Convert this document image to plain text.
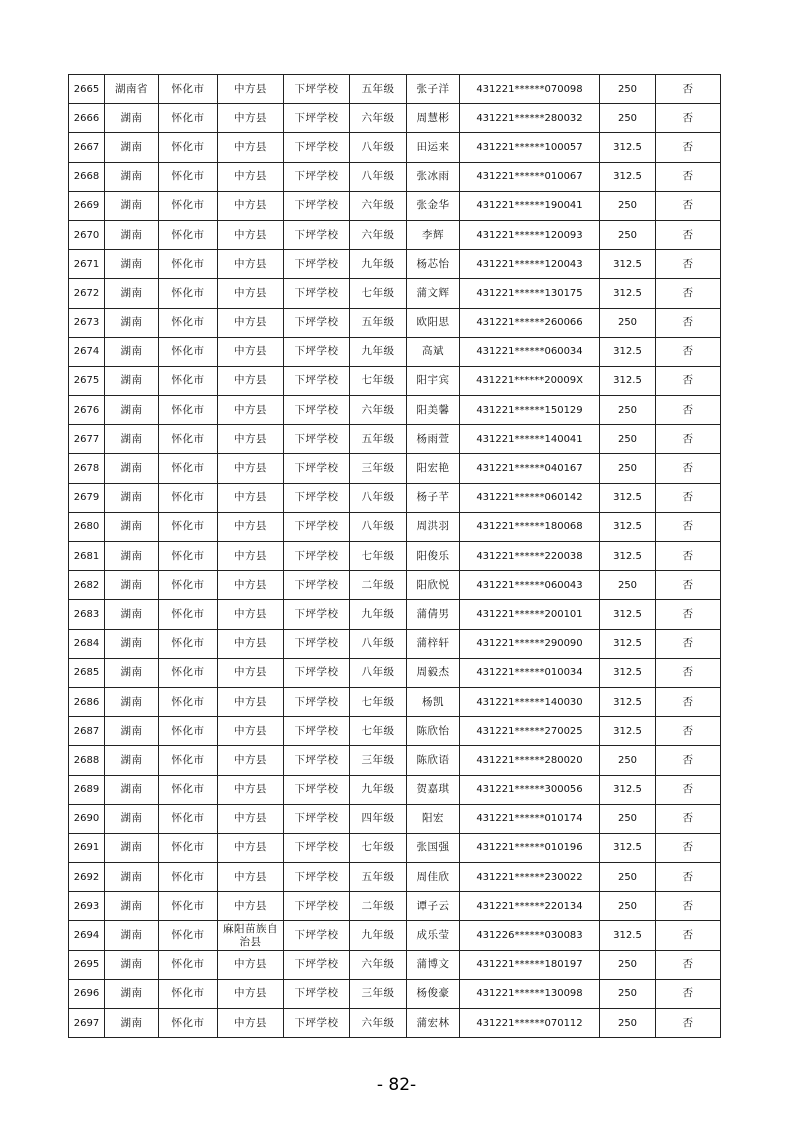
2665	湖南省	怀化市	中方县	下坪学校	五年级	张子洋	431221******070098	250	否
2666	湖南	怀化市	中方县	下坪学校	六年级	周慧彬	431221******280032	250	否
2667	湖南	怀化市	中方县	下坪学校	八年级	田运来	431221******100057	312.5	否
2668	湖南	怀化市	中方县	下坪学校	八年级	张冰雨	431221******010067	312.5	否
2669	湖南	怀化市	中方县	下坪学校	六年级	张金华	431221******190041	250	否
2670	湖南	怀化市	中方县	下坪学校	六年级	李辉	431221******120093	250	否
2671	湖南	怀化市	中方县	下坪学校	九年级	杨芯怡	431221******120043	312.5	否
2672	湖南	怀化市	中方县	下坪学校	七年级	蒲文辉	431221******130175	312.5	否
2673	湖南	怀化市	中方县	下坪学校	五年级	欧阳思	431221******260066	250	否
2674	湖南	怀化市	中方县	下坪学校	九年级	高斌	431221******060034	312.5	否
2675	湖南	怀化市	中方县	下坪学校	七年级	阳宇宾	431221******20009X	312.5	否
2676	湖南	怀化市	中方县	下坪学校	六年级	阳美馨	431221******150129	250	否
2677	湖南	怀化市	中方县	下坪学校	五年级	杨雨萱	431221******140041	250	否
2678	湖南	怀化市	中方县	下坪学校	三年级	阳宏艳	431221******040167	250	否
2679	湖南	怀化市	中方县	下坪学校	八年级	杨子芊	431221******060142	312.5	否
2680	湖南	怀化市	中方县	下坪学校	八年级	周洪羽	431221******180068	312.5	否
2681	湖南	怀化市	中方县	下坪学校	七年级	阳俊乐	431221******220038	312.5	否
2682	湖南	怀化市	中方县	下坪学校	二年级	阳欣悦	431221******060043	250	否
2683	湖南	怀化市	中方县	下坪学校	九年级	蒲倩男	431221******200101	312.5	否
2684	湖南	怀化市	中方县	下坪学校	八年级	蒲梓轩	431221******290090	312.5	否
2685	湖南	怀化市	中方县	下坪学校	八年级	周毅杰	431221******010034	312.5	否
2686	湖南	怀化市	中方县	下坪学校	七年级	杨凯	431221******140030	312.5	否
2687	湖南	怀化市	中方县	下坪学校	七年级	陈欣怡	431221******270025	312.5	否
2688	湖南	怀化市	中方县	下坪学校	三年级	陈欣语	431221******280020	250	否
2689	湖南	怀化市	中方县	下坪学校	九年级	贺嘉琪	431221******300056	312.5	否
2690	湖南	怀化市	中方县	下坪学校	四年级	阳宏	431221******010174	250	否
2691	湖南	怀化市	中方县	下坪学校	七年级	张国强	431221******010196	312.5	否
2692	湖南	怀化市	中方县	下坪学校	五年级	周佳欣	431221******230022	250	否
2693	湖南	怀化市	中方县	下坪学校	二年级	谭子云	431221******220134	250	否
2694	湖南	怀化市	麻阳苗族自治县	下坪学校	九年级	成乐莹	431226******030083	312.5	否
2695	湖南	怀化市	中方县	下坪学校	六年级	蒲博文	431221******180197	250	否
2696	湖南	怀化市	中方县	下坪学校	三年级	杨俊豪	431221******130098	250	否
2697	湖南	怀化市	中方县	下坪学校	六年级	蒲宏林	431221******070112	250	否
- 82-
